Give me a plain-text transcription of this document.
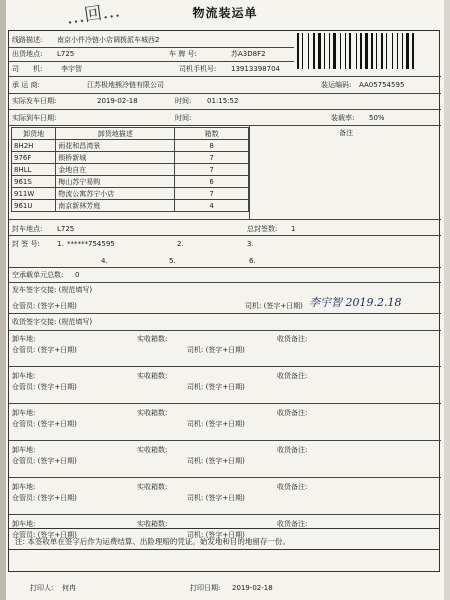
…回…	物流装运单
线路描述: 南京小件冷链小店调拨派车城西2
出货地点: L725	车 牌 号:	苏A3D8F2
司　　机:	李宇智	司机手机号: 13913398704
承 运 商:	江苏极地熊冷链有限公司	装运编码: AA05754595
实际发车日期:	2019-02-18	时间: 01:15:52
实际到车日期:	时间:	装载率: 50%
卸货地	卸货地描述	箱数
8H2H	雨花和昌湾景	8
976F	锁桥新城	7
8HLL	金地自在	7
961S	梅山苏宁易购	6
911W	物流公寓苏宁小店	7
961U	南京新林芳庭	4
备注
封车地点: L725	总封签数: 1
封 签 号: 1. ******754595	2.	3.
4.	5.	6.
空承载单元总数: 0
发车签字交接: (规范填写)
仓管员: (签字+日期)	司机: (签字+日期) 李宇智 2019.2.18
收货签字交接: (规范填写)
卸车地:	实收箱数:	收货备注:
仓管员: (签字+日期)	司机: (签字+日期)
卸车地:	实收箱数:	收货备注:
仓管员: (签字+日期)	司机: (签字+日期)
卸车地:	实收箱数:	收货备注:
仓管员: (签字+日期)	司机: (签字+日期)
卸车地:	实收箱数:	收货备注:
仓管员: (签字+日期)	司机: (签字+日期)
卸车地:	实收箱数:	收货备注:
仓管员: (签字+日期)	司机: (签字+日期)
卸车地:	实收箱数:	收货备注:
仓管员: (签字+日期)	司机: (签字+日期)
注: 本签收单在签字后作为运费结算、出险理赔的凭证。始发地和目的地留存一份。
打印人: 何冉	打印日期: 2019-02-18
